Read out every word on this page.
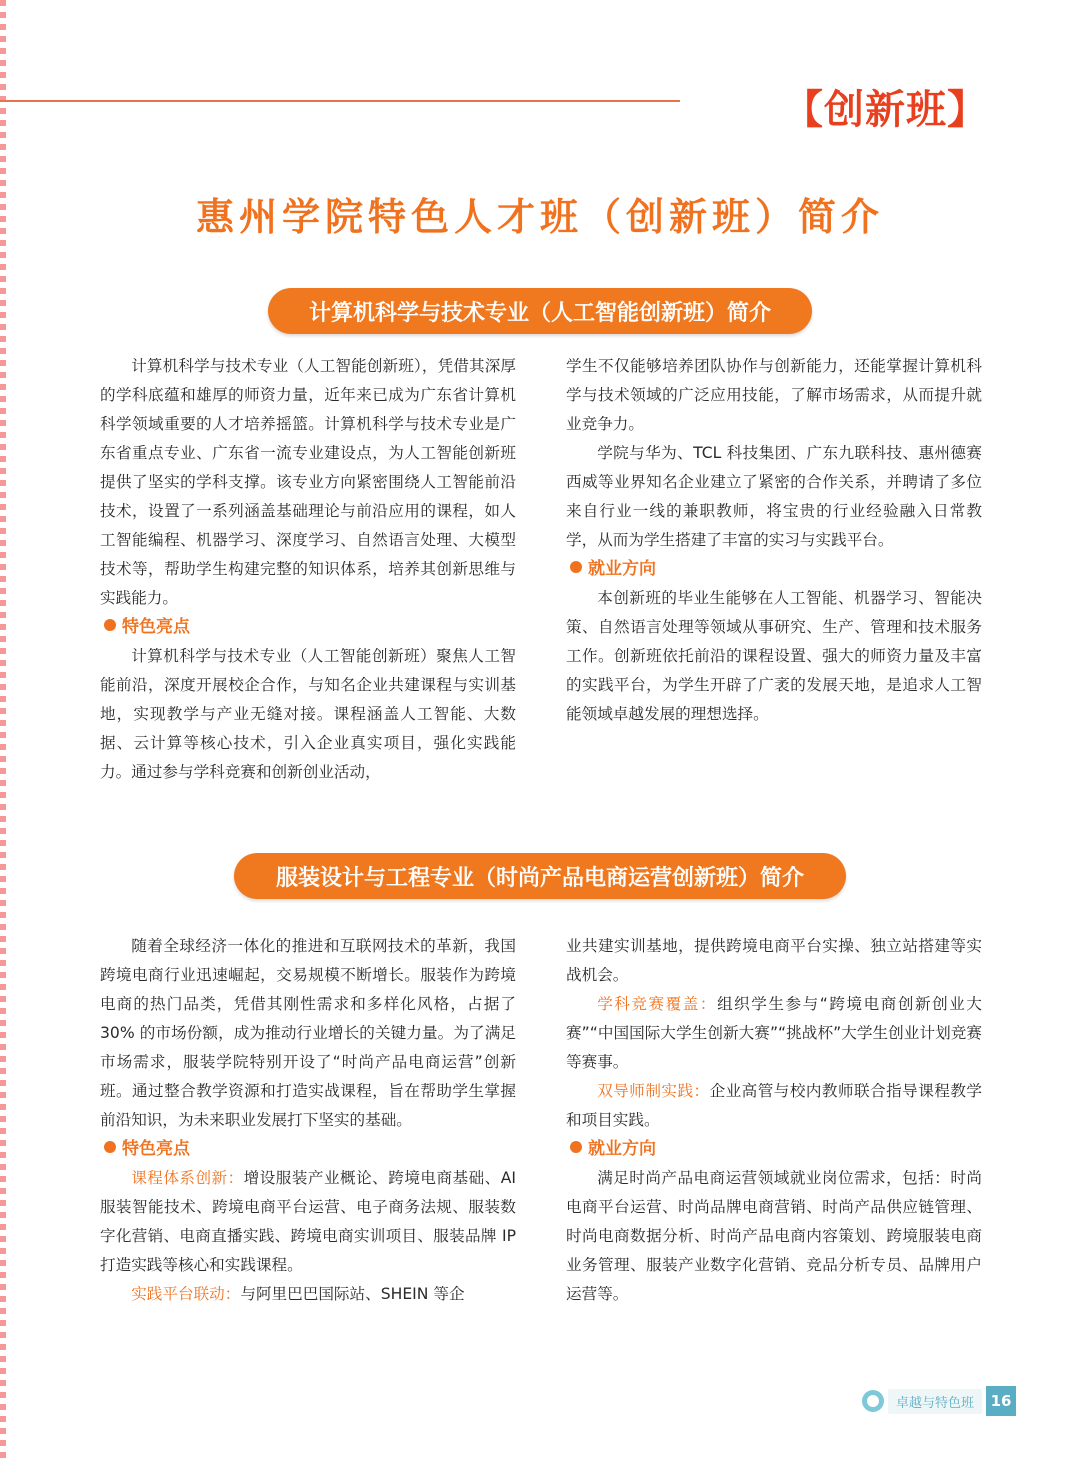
【创新班】
惠州学院特色人才班（创新班）简介
计算机科学与技术专业（人工智能创新班）简介

计算机科学与技术专业（人工智能创新班），凭借其深厚的学科底蕴和雄厚的师资力量，近年来已成为广东省计算机科学领域重要的人才培养摇篮。计算机科学与技术专业是广东省重点专业、广东省一流专业建设点，为人工智能创新班提供了坚实的学科支撑。该专业方向紧密围绕人工智能前沿技术，设置了一系列涵盖基础理论与前沿应用的课程，如人工智能编程、机器学习、深度学习、自然语言处理、大模型技术等，帮助学生构建完整的知识体系，培养其创新思维与实践能力。

特色亮点

计算机科学与技术专业（人工智能创新班）聚焦人工智能前沿，深度开展校企合作，与知名企业共建课程与实训基地，实现教学与产业无缝对接。课程涵盖人工智能、大数据、云计算等核心技术，引入企业真实项目，强化实践能力。通过参与学科竞赛和创新创业活动，

学生不仅能够培养团队协作与创新能力，还能掌握计算机科学与技术领域的广泛应用技能，了解市场需求，从而提升就业竞争力。

学院与华为、TCL 科技集团、广东九联科技、惠州德赛西威等业界知名企业建立了紧密的合作关系，并聘请了多位来自行业一线的兼职教师，将宝贵的行业经验融入日常教学，从而为学生搭建了丰富的实习与实践平台。

就业方向

本创新班的毕业生能够在人工智能、机器学习、智能决策、自然语言处理等领域从事研究、生产、管理和技术服务工作。创新班依托前沿的课程设置、强大的师资力量及丰富的实践平台，为学生开辟了广袤的发展天地，是追求人工智能领域卓越发展的理想选择。

服装设计与工程专业（时尚产品电商运营创新班）简介

随着全球经济一体化的推进和互联网技术的革新，我国跨境电商行业迅速崛起，交易规模不断增长。服装作为跨境电商的热门品类，凭借其刚性需求和多样化风格，占据了 30% 的市场份额，成为推动行业增长的关键力量。为了满足市场需求，服装学院特别开设了“时尚产品电商运营”创新班。通过整合教学资源和打造实战课程，旨在帮助学生掌握前沿知识，为未来职业发展打下坚实的基础。

特色亮点

课程体系创新：增设服装产业概论、跨境电商基础、AI 服装智能技术、跨境电商平台运营、电子商务法规、服装数字化营销、电商直播实践、跨境电商实训项目、服装品牌 IP 打造实践等核心和实践课程。

实践平台联动：与阿里巴巴国际站、SHEIN 等企

业共建实训基地，提供跨境电商平台实操、独立站搭建等实战机会。

学科竞赛覆盖：组织学生参与“跨境电商创新创业大赛”“中国国际大学生创新大赛”“挑战杯”大学生创业计划竞赛等赛事。

双导师制实践：企业高管与校内教师联合指导课程教学和项目实践。

就业方向

满足时尚产品电商运营领域就业岗位需求，包括：时尚电商平台运营、时尚品牌电商营销、时尚产品供应链管理、时尚电商数据分析、时尚产品电商内容策划、跨境服装电商业务管理、服装产业数字化营销、竞品分析专员、品牌用户运营等。

卓越与特色班	16
